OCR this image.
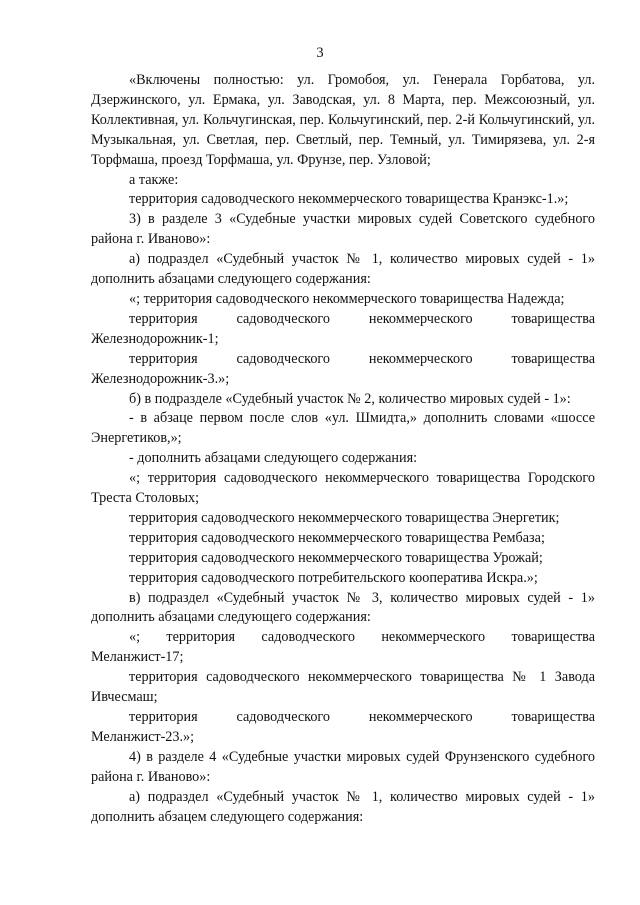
3

«Включены полностью: ул. Громобоя, ул. Генерала Горбатова, ул. Дзержинского, ул. Ермака, ул. Заводская, ул. 8 Марта, пер. Межсоюзный, ул. Коллективная, ул. Кольчугинская, пер. Кольчугинский, пер. 2-й Кольчугинский, ул. Музыкальная, ул. Светлая, пер. Светлый, пер. Темный, ул. Тимирязева, ул. 2-я Торфмаша, проезд Торфмаша, ул. Фрунзе, пер. Узловой;

а также:

территория садоводческого некоммерческого товарищества Кранэкс-1.»;

3) в разделе 3 «Судебные участки мировых судей Советского судебного района г. Иваново»:

а) подраздел «Судебный участок № 1, количество мировых судей - 1» дополнить абзацами следующего содержания:

«; территория садоводческого некоммерческого товарищества Надежда;

территория садоводческого некоммерческого товарищества Железнодорожник-1;

территория садоводческого некоммерческого товарищества Железнодорожник-3.»;

б) в подразделе «Судебный участок № 2, количество мировых судей - 1»:

- в абзаце первом после слов «ул. Шмидта,» дополнить словами «шоссе Энергетиков,»;

- дополнить абзацами следующего содержания:

«; территория садоводческого некоммерческого товарищества Городского Треста Столовых;

территория садоводческого некоммерческого товарищества Энергетик;

территория садоводческого некоммерческого товарищества Рембаза;

территория садоводческого некоммерческого товарищества Урожай;

территория садоводческого потребительского кооператива Искра.»;

в) подраздел «Судебный участок № 3, количество мировых судей - 1» дополнить абзацами следующего содержания:

«; территория садоводческого некоммерческого товарищества Меланжист-17;

территория садоводческого некоммерческого товарищества № 1 Завода Ивчесмаш;

территория садоводческого некоммерческого товарищества Меланжист-23.»;

4) в разделе 4 «Судебные участки мировых судей Фрунзенского судебного района г. Иваново»:

а) подраздел «Судебный участок № 1, количество мировых судей - 1» дополнить абзацем следующего содержания:
